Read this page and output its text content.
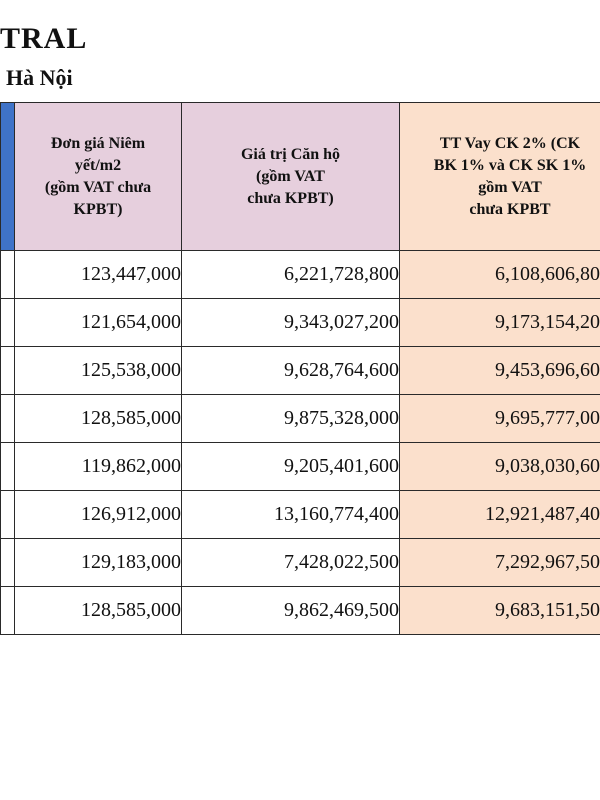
TRAL
Hà Nội

	Đơn giá Niêm
yết/m2
(gồm VAT chưa
KPBT)	Giá trị Căn hộ
(gồm VAT
chưa KPBT)	TT Vay CK 2% (CK
BK 1% và CK SK 1%
gồm VAT
chưa KPBT

	123,447,000	6,221,728,800	6,108,606,80

	121,654,000	9,343,027,200	9,173,154,20

	125,538,000	9,628,764,600	9,453,696,60

	128,585,000	9,875,328,000	9,695,777,00

	119,862,000	9,205,401,600	9,038,030,60

	126,912,000	13,160,774,400	12,921,487,40

	129,183,000	7,428,022,500	7,292,967,50

	128,585,000	9,862,469,500	9,683,151,50
